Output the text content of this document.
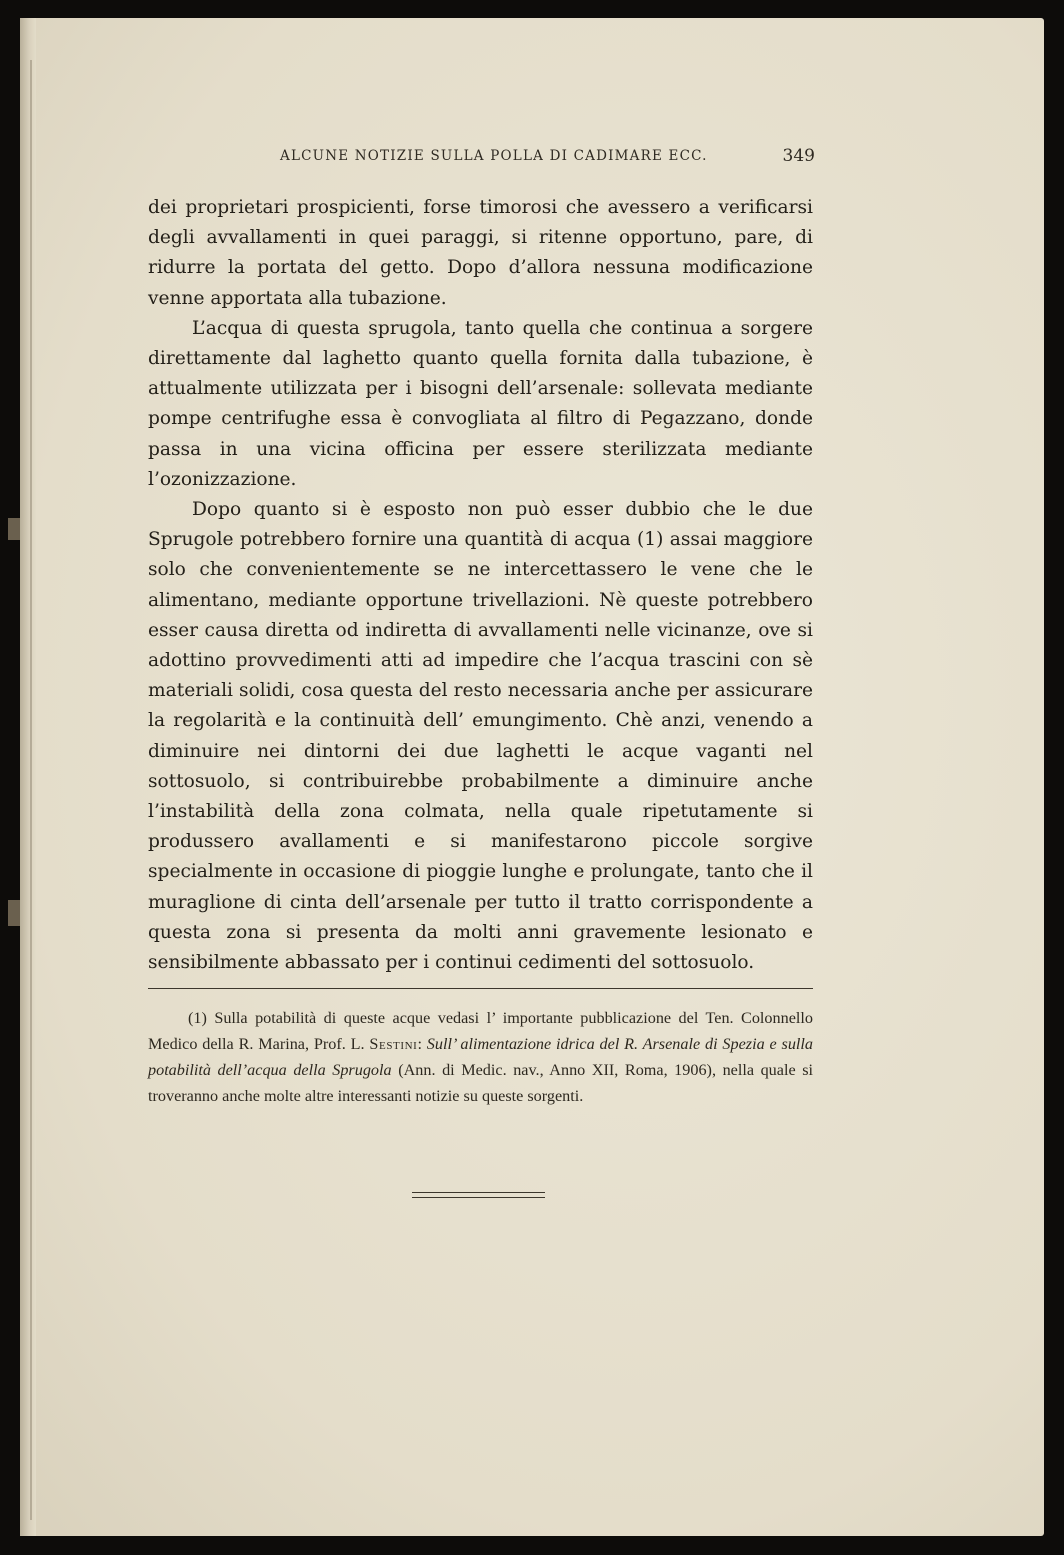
ALCUNE NOTIZIE SULLA POLLA DI CADIMARE ECC.	349

dei proprietari prospicienti, forse timorosi che avessero a verificarsi degli avvallamenti in quei paraggi, si ritenne opportuno, pare, di ridurre la portata del getto. Dopo d’allora nessuna modificazione venne apportata alla tubazione.

L’acqua di questa sprugola, tanto quella che continua a sorgere direttamente dal laghetto quanto quella fornita dalla tubazione, è attualmente utilizzata per i bisogni dell’arsenale: sollevata mediante pompe centrifughe essa è convogliata al filtro di Pegazzano, donde passa in una vicina officina per essere sterilizzata mediante l’ozonizzazione.

Dopo quanto si è esposto non può esser dubbio che le due Sprugole potrebbero fornire una quantità di acqua (1) assai maggiore solo che convenientemente se ne intercettassero le vene che le alimentano, mediante opportune trivellazioni. Nè queste potrebbero esser causa diretta od indiretta di avvallamenti nelle vicinanze, ove si adottino provvedimenti atti ad impedire che l’acqua trascini con sè materiali solidi, cosa questa del resto necessaria anche per assicurare la regolarità e la continuità dell’ emungimento. Chè anzi, venendo a diminuire nei dintorni dei due laghetti le acque vaganti nel sottosuolo, si contribuirebbe probabilmente a diminuire anche l’instabilità della zona colmata, nella quale ripetutamente si produssero avallamenti e si manifestarono piccole sorgive specialmente in occasione di pioggie lunghe e prolungate, tanto che il muraglione di cinta dell’arsenale per tutto il tratto corrispondente a questa zona si presenta da molti anni gravemente lesionato e sensibilmente abbassato per i continui cedimenti del sottosuolo.

(1) Sulla potabilità di queste acque vedasi l’ importante pubblicazione del Ten. Colonnello Medico della R. Marina, Prof. L. Sestini: Sull’ alimentazione idrica del R. Arsenale di Spezia e sulla potabilità dell’acqua della Sprugola (Ann. di Medic. nav., Anno XII, Roma, 1906), nella quale si troveranno anche molte altre interessanti notizie su queste sorgenti.
